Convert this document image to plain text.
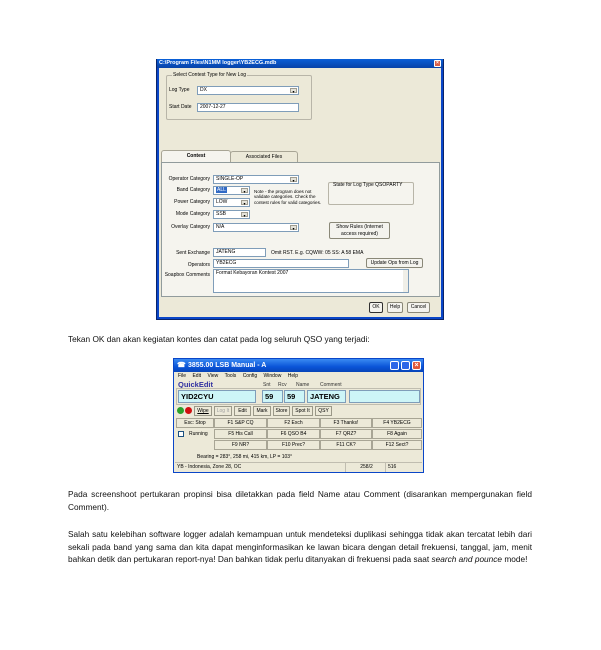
C:\Program Files\N1MM logger\YB2ECG.mdb	×
Select Contest Type for New Log
Log Type	DX	▾
Start Date	2007-12-27
Contest	Associated Files
Operator Category	SINGLE-OP	▾
Band Category	ALL	▾
Power Category	LOW	▾
Mode Category	SSB	▾
Overlay Category	N/A	▾
Note - the program does not validate categories. Check the contest rules for valid categories.
State for Log Type QSOPARTY
Show Rules (Internet access required)
Sent Exchange	JATENG	Omit RST. E.g. CQWW: 05 SS: A 58 EMA
Operators	YB2ECG	Update Ops from Log
Soapbox Comments	Format Kebayoran Kontest 2007
OK	Help	Cancel
Tekan OK dan akan kegiatan kontes dan catat pada log seluruh QSO yang terjadi:
☎ 3855.00 LSB Manual - A	×
File Edit View Tools Config Window Help
QuickEdit	Snt Rcv Name Comment
YID2CYU	59	59	JATENG
Wipe	Log It	Edit	Mark	Store	Spot It	QSY
Esc: Stop	F1 S&P CQ	F2 Exch	F3 Thanks!	F4 YB2ECG
Running	F5 His Call	F6 QSO B4	F7 QRZ?	F8 Again
F9 NR?	F10 Prec?	F11 CK?	F12 Sect?
Bearing = 283°, 258 mi, 415 km, LP = 103°
YB - Indonesia, Zone 28, OC	258/2	516
Pada screenshoot pertukaran propinsi bisa diletakkan pada field Name atau Comment (disarankan mempergunakan field Comment).
Salah satu kelebihan software logger adalah kemampuan untuk mendeteksi duplikasi sehingga tidak akan tercatat lebih dari sekali pada band yang sama dan kita dapat menginformasikan ke lawan bicara dengan detail frekuensi, tanggal, jam, menit bahkan detik dan pertukaran report-nya! Dan bahkan tidak perlu ditanyakan di frekuensi pada saat search and pounce mode!
